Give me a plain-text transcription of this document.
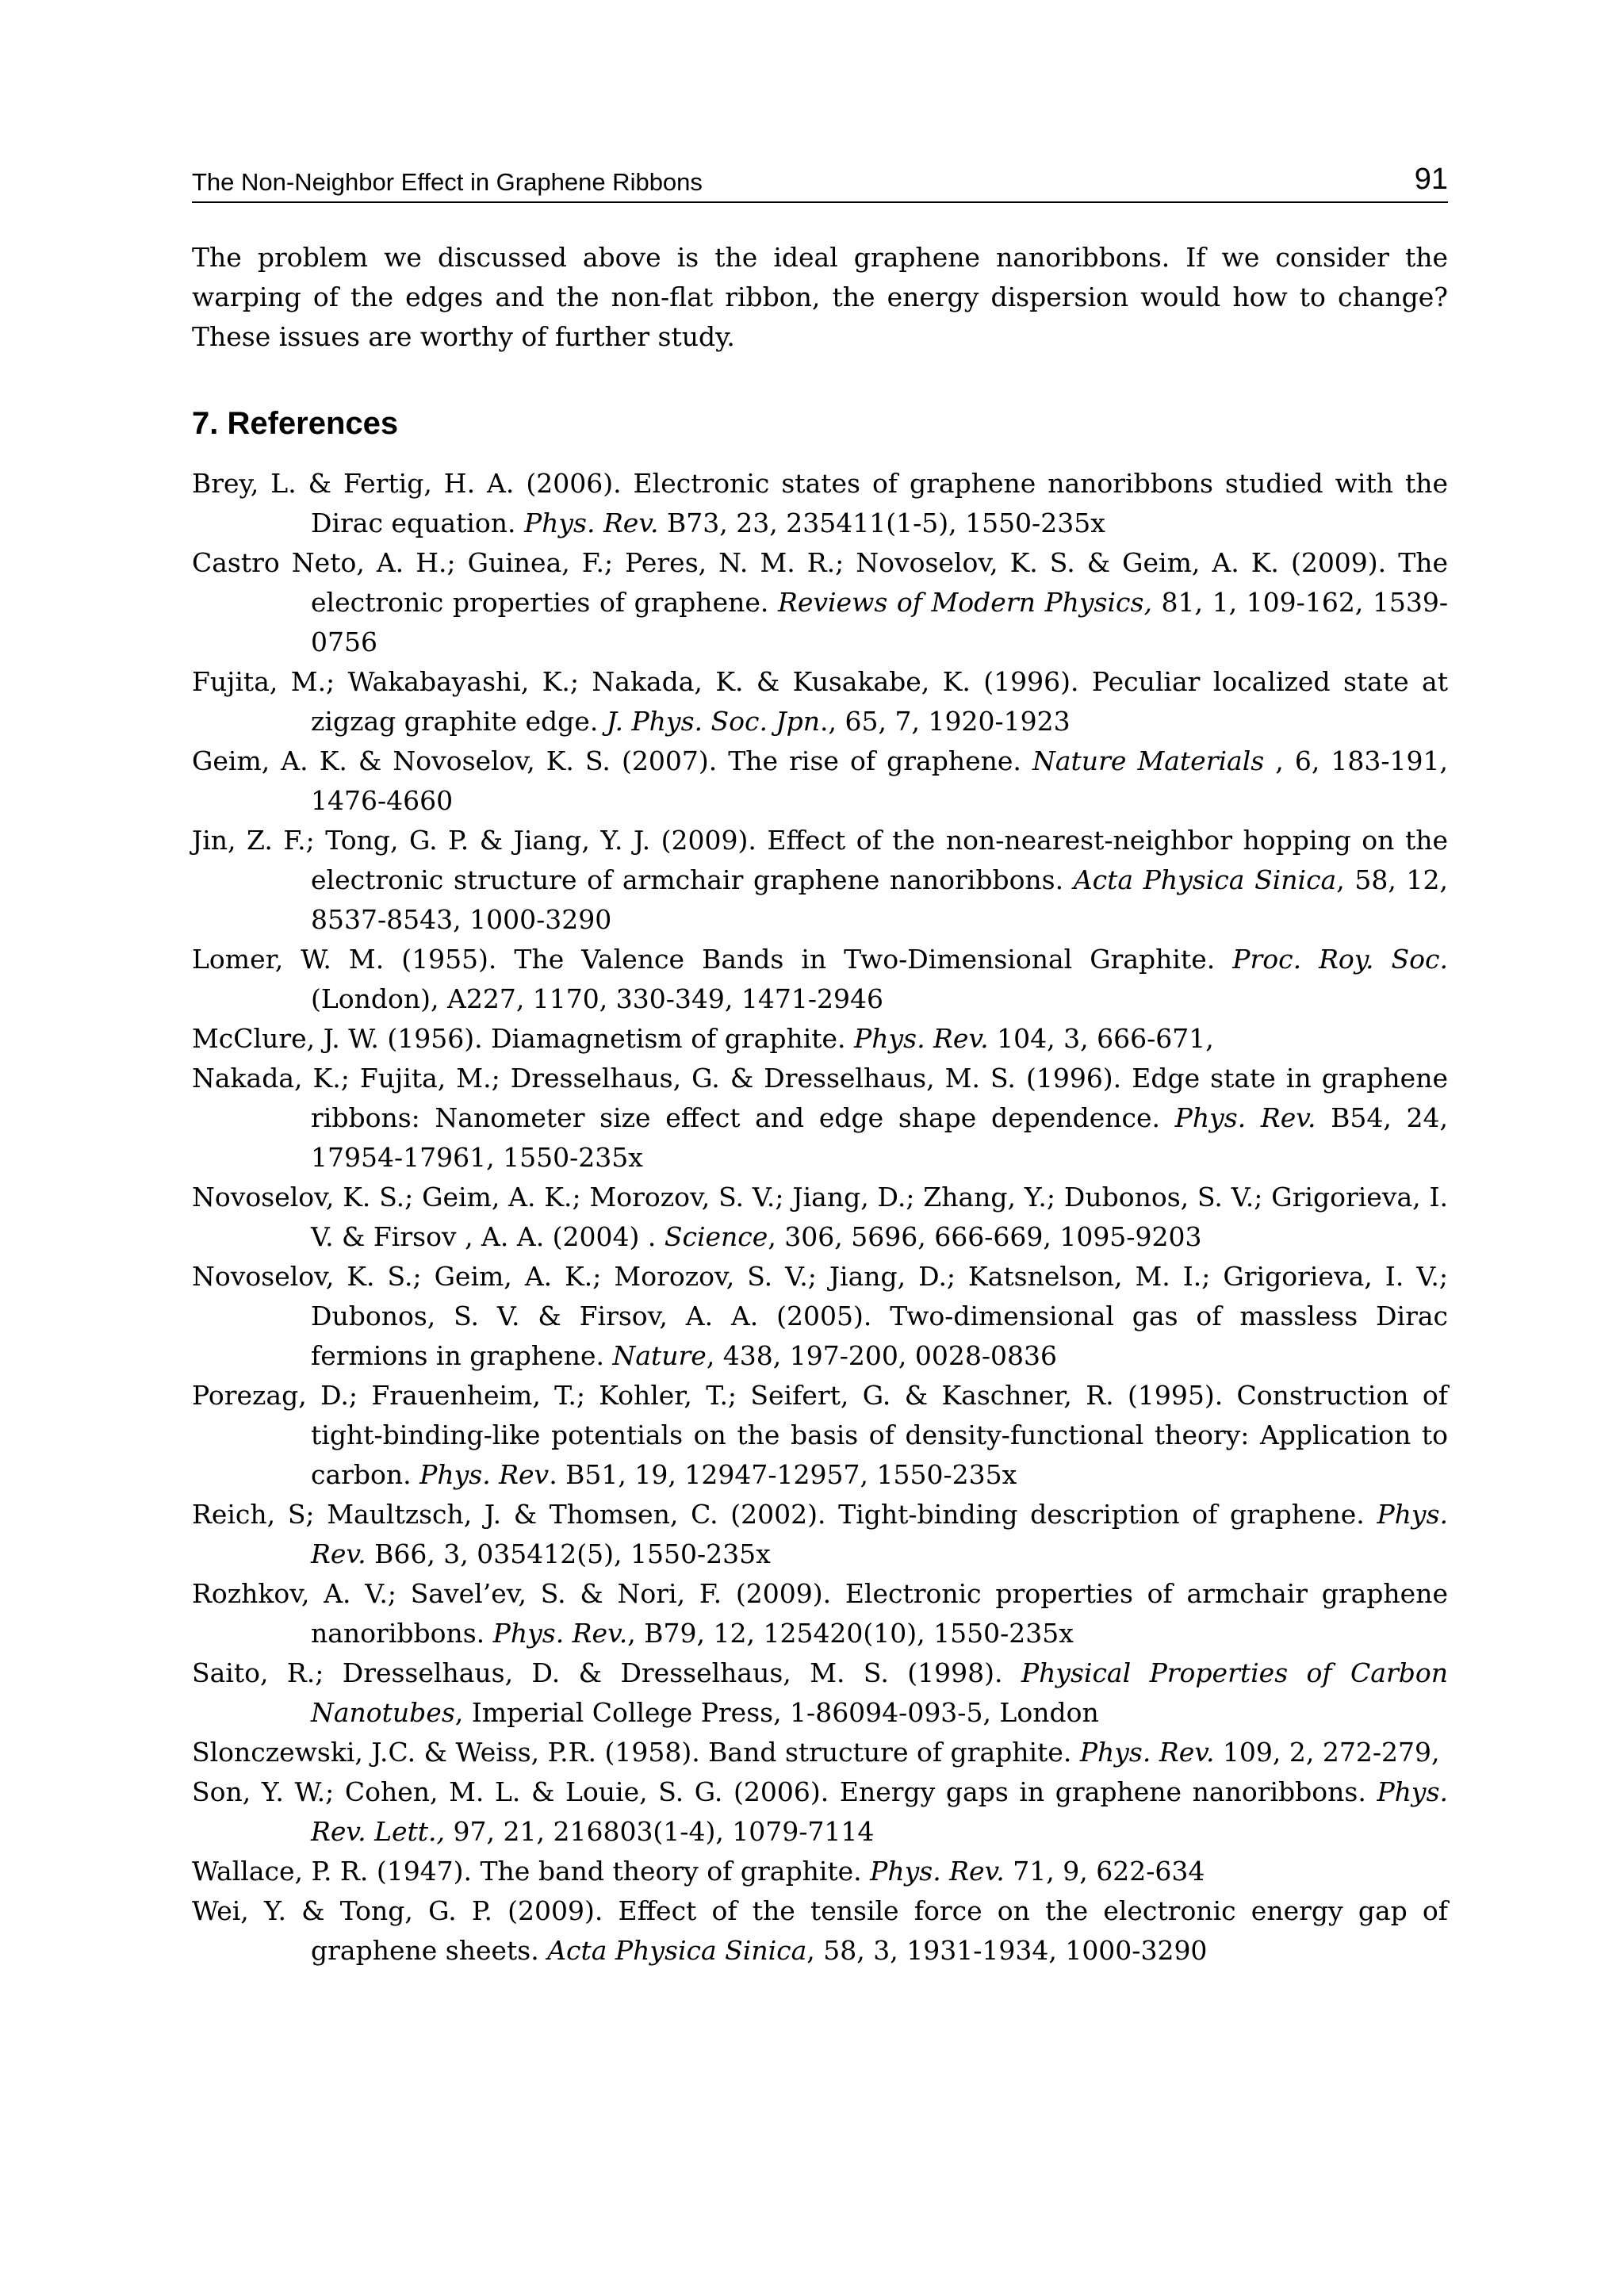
The Non-Neighbor Effect in Graphene Ribbons	91

The problem we discussed above is the ideal graphene nanoribbons. If we consider the warping of the edges and the non-flat ribbon, the energy dispersion would how to change? These issues are worthy of further study.

7. References
Brey, L. & Fertig, H. A. (2006). Electronic states of graphene nanoribbons studied with the Dirac equation. Phys. Rev. B73, 23, 235411(1-5), 1550-235x
Castro Neto, A. H.; Guinea, F.; Peres, N. M. R.; Novoselov, K. S. & Geim, A. K. (2009). The electronic properties of graphene. Reviews of Modern Physics, 81, 1, 109-162, 1539-0756
Fujita, M.; Wakabayashi, K.; Nakada, K. & Kusakabe, K. (1996). Peculiar localized state at zigzag graphite edge. J. Phys. Soc. Jpn., 65, 7, 1920-1923
Geim, A. K. & Novoselov, K. S. (2007). The rise of graphene. Nature Materials , 6, 183-191, 1476-4660
Jin, Z. F.; Tong, G. P. & Jiang, Y. J. (2009). Effect of the non-nearest-neighbor hopping on the electronic structure of armchair graphene nanoribbons. Acta Physica Sinica, 58, 12, 8537-8543, 1000-3290
Lomer, W. M. (1955). The Valence Bands in Two-Dimensional Graphite. Proc. Roy. Soc. (London), A227, 1170, 330-349, 1471-2946
McClure, J. W. (1956). Diamagnetism of graphite. Phys. Rev. 104, 3, 666-671,
Nakada, K.; Fujita, M.; Dresselhaus, G. & Dresselhaus, M. S. (1996). Edge state in graphene ribbons: Nanometer size effect and edge shape dependence. Phys. Rev. B54, 24, 17954-17961, 1550-235x
Novoselov, K. S.; Geim, A. K.; Morozov, S. V.; Jiang, D.; Zhang, Y.; Dubonos, S. V.; Grigorieva, I. V. & Firsov , A. A. (2004) . Science, 306, 5696, 666-669, 1095-9203
Novoselov, K. S.; Geim, A. K.; Morozov, S. V.; Jiang, D.; Katsnelson, M. I.; Grigorieva, I. V.; Dubonos, S. V. & Firsov, A. A. (2005). Two-dimensional gas of massless Dirac fermions in graphene. Nature, 438, 197-200, 0028-0836
Porezag, D.; Frauenheim, T.; Kohler, T.; Seifert, G. & Kaschner, R. (1995). Construction of tight-binding-like potentials on the basis of density-functional theory: Application to carbon. Phys. Rev. B51, 19, 12947-12957, 1550-235x
Reich, S; Maultzsch, J. & Thomsen, C. (2002). Tight-binding description of graphene. Phys. Rev. B66, 3, 035412(5), 1550-235x
Rozhkov, A. V.; Savel’ev, S. & Nori, F. (2009). Electronic properties of armchair graphene nanoribbons. Phys. Rev., B79, 12, 125420(10), 1550-235x
Saito, R.; Dresselhaus, D. & Dresselhaus, M. S. (1998). Physical Properties of Carbon Nanotubes, Imperial College Press, 1-86094-093-5, London
Slonczewski, J.C. & Weiss, P.R. (1958). Band structure of graphite. Phys. Rev. 109, 2, 272-279,
Son, Y. W.; Cohen, M. L. & Louie, S. G. (2006). Energy gaps in graphene nanoribbons. Phys. Rev. Lett., 97, 21, 216803(1-4), 1079-7114
Wallace, P. R. (1947). The band theory of graphite. Phys. Rev. 71, 9, 622-634
Wei, Y. & Tong, G. P. (2009). Effect of the tensile force on the electronic energy gap of graphene sheets. Acta Physica Sinica, 58, 3, 1931-1934, 1000-3290
